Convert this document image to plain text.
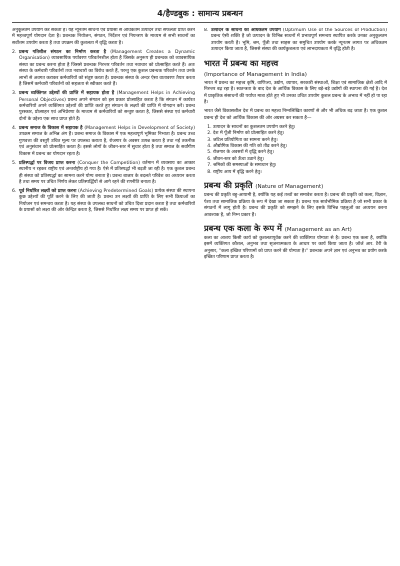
4/हैण्डबुक : सामान्य प्रबन्धन

अनुकूलतम उपयोग कर सकता है। यह न्यूनतम साधनों एवं प्रयासों से अधिकतम उत्पादन तथा सफलता प्राप्त करने में महत्त्वपूर्ण योगदान देता है। प्रबन्धक नियोजन, संगठन, निर्देशन एवं नियन्त्रण के माध्यम से सभी साधनों का सर्वोत्तम उपयोग करता है तथा उपक्रम की कुशलता में वृद्धि करता है।

2. प्रबन्ध गतिशील संगठन का निर्माण करता है (Management Creates a Dynamic Organisation) व्यावसायिक पर्यावरण परिवर्तनशील होता है जिसके अनुरूप ही प्रबन्धक को व्यावसायिक संस्था का प्रबन्ध करना होता है जिससे प्रबन्धक निरन्तर परिवर्तन तथा नवाचार को प्रोत्साहित करते हैं। अतः संस्था के कर्मचारी परिवर्तनों तथा नवाचारों का विरोध करते हैं, परन्तु एक कुशल प्रबन्धक परिवर्तन तथा उनके लाभों से अवगत कराकर कर्मचारियों को संतुष्ट करता है। प्रबन्धक संस्था के अन्दर ऐसा वातावरण तैयार करता है जिसमें कर्मचारी परिवर्तनों को सहजता से स्वीकार करते हैं।
3. प्रबन्ध व्यक्तिगत उद्देश्यों की प्राप्ति में सहायक होता है (Management Helps in Achieving Personal Objectives) प्रबन्ध अपने संगठन को इस प्रकार प्रोत्साहित करता है कि संगठन में कार्यरत कर्मचारियों अपने व्यक्तिगत उद्देश्यों की प्राप्ति करते हुए संगठन के लक्ष्यों की प्राप्ति में योगदान करें। प्रबन्ध पुरस्कार, प्रोत्साहन एवं अभिप्रेरणा के माध्यम से कर्मचारियों को सन्तुष्ट करता है, जिससे संस्था एवं कर्मचारी दोनों के उद्देश्य एक साथ प्राप्त होते हैं।
4. प्रबन्ध समाज के विकास में सहायक है (Management Helps in Development of Society) उपक्रम समाज के अभिन्न अंग हैं। प्रबन्ध समाज के विकास में एक महत्त्वपूर्ण भूमिका निभाता है। प्रबन्ध उच्च गुणवत्ता की वस्तुएँ उचित मूल्य पर उपलब्ध कराता है, रोजगार के अवसर उत्पन्न करता है तथा नई तकनीक एवं अनुसंधान को प्रोत्साहित करता है। इससे लोगों के जीवन-स्तर में सुधार होता है तथा समाज के सर्वांगीण विकास में प्रबन्ध का योगदान रहता है।
5. प्रतिस्पर्द्धा पर विजय प्राप्त करना (Conquer the Competition) वर्तमान में व्यवसाय का आकार स्थानीय न रहकर राष्ट्रीय एवं अन्तर्राष्ट्रीय हो गया है। ऐसे में प्रतिस्पर्द्धा भी बढ़ती जा रही है। एक कुशल प्रबन्ध ही संस्था को प्रतिस्पर्द्धा का सामना करने योग्य बनाता है। प्रबन्ध बाजार के बदलते परिवेश का अध्ययन करता है तथा समय पर उचित निर्णय लेकर प्रतिस्पर्द्धियों से आगे रहने की रणनीति बनाता है।
6. पूर्व निर्धारित लक्ष्यों को प्राप्त करना (Achieving Predetermined Goals) प्रत्येक संस्था की स्थापना कुछ उद्देश्यों की पूर्ति करने के लिए की जाती है। प्रबन्ध उन लक्ष्यों की प्राप्ति के लिए सभी क्रियाओं का नियोजन एवं समन्वय करता है। यह संस्था के उपलब्ध साधनों को उचित दिशा प्रदान करता है तथा कर्मचारियों के प्रयासों को लक्ष्य की ओर केन्द्रित करता है, जिससे निर्धारित लक्ष्य समय पर प्राप्त हो सकें।
8. उत्पादन के साधनों का अधिकतम उपयोग (Optimum Use of the Sources of Production) प्रबन्ध ऐसी शक्ति है जो उत्पादन के विभिन्न साधनों में प्रभावपूर्ण समन्वय स्थापित करके उनका अनुकूलतम उपयोग करती है। भूमि, श्रम, पूँजी तथा साहस का समुचित उपयोग करके न्यूनतम लागत पर अधिकतम उत्पादन किया जाता है, जिससे संस्था की कार्यकुशलता एवं लाभदायकता में वृद्धि होती है।
भारत में प्रबन्ध का महत्त्व
(Importance of Management in India)

भारत में प्रबन्ध का महत्त्व कृषि, वाणिज्य, उद्योग, व्यापार, सरकारी संस्थाओं, शिक्षा एवं सामाजिक क्षेत्रों आदि में निरन्तर बढ़ रहा है। स्वतन्त्रता के बाद देश के आर्थिक विकास के लिए बड़े-बड़े उद्योगों की स्थापना की गई है। देश में प्राकृतिक संसाधनों की पर्याप्त मात्रा होते हुए भी उनका उचित उपयोग कुशल प्रबन्ध के अभाव में नहीं हो पा रहा है।

भारत जैसे विकासशील देश में प्रबन्ध का महत्त्व निम्नलिखित कारणों से और भी अधिक बढ़ जाता है। एक कुशल प्रबन्ध ही देश को आर्थिक विकास की ओर अग्रसर कर सकता है—

1. उत्पादन के साधनों का कुशलतम उपयोग करने हेतु।
2. देश में पूँजी निर्माण को प्रोत्साहित करने हेतु।
3. जटिल प्रतियोगिता का सामना करने हेतु।
4. औद्योगिक विकास की गति को तीव्र करने हेतु।
5. रोजगार के अवसरों में वृद्धि करने हेतु।
6. जीवन-स्तर को ऊँचा उठाने हेतु।
7. श्रमिकों की समस्याओं के समाधान हेतु।
8. राष्ट्रीय आय में वृद्धि करने हेतु।
प्रबन्ध की प्रकृति (Nature of Management)

प्रबन्ध की प्रकृति बहु-आयामी है, क्योंकि यह कई तत्त्वों का समावेश करता है। प्रबन्ध की प्रकृति को कला, विज्ञान, पेशा तथा सामाजिक प्रक्रिया के रूप में देखा जा सकता है। प्रबन्ध एक सार्वभौमिक प्रक्रिया है जो सभी प्रकार के संगठनों में लागू होती है। प्रबन्ध की प्रकृति को समझने के लिए इसके विभिन्न पहलुओं का अध्ययन करना आवश्यक है, जो निम्न प्रकार हैं।

प्रबन्ध एक कला के रूप में (Management as an Art)

कला का आशय किसी कार्य को कुशलतापूर्वक करने की व्यक्तिगत योग्यता से है। प्रबन्ध एक कला है, क्योंकि इसमें व्यक्तिगत कौशल, अनुभव तथा सृजनात्मकता के आधार पर कार्य किया जाता है। जॉर्ज आर. टैरी के अनुसार, "कला इच्छित परिणामों को प्राप्त करने की योग्यता है।" प्रबन्धक अपने ज्ञान एवं अनुभव का प्रयोग करके इच्छित परिणाम प्राप्त करता है।
